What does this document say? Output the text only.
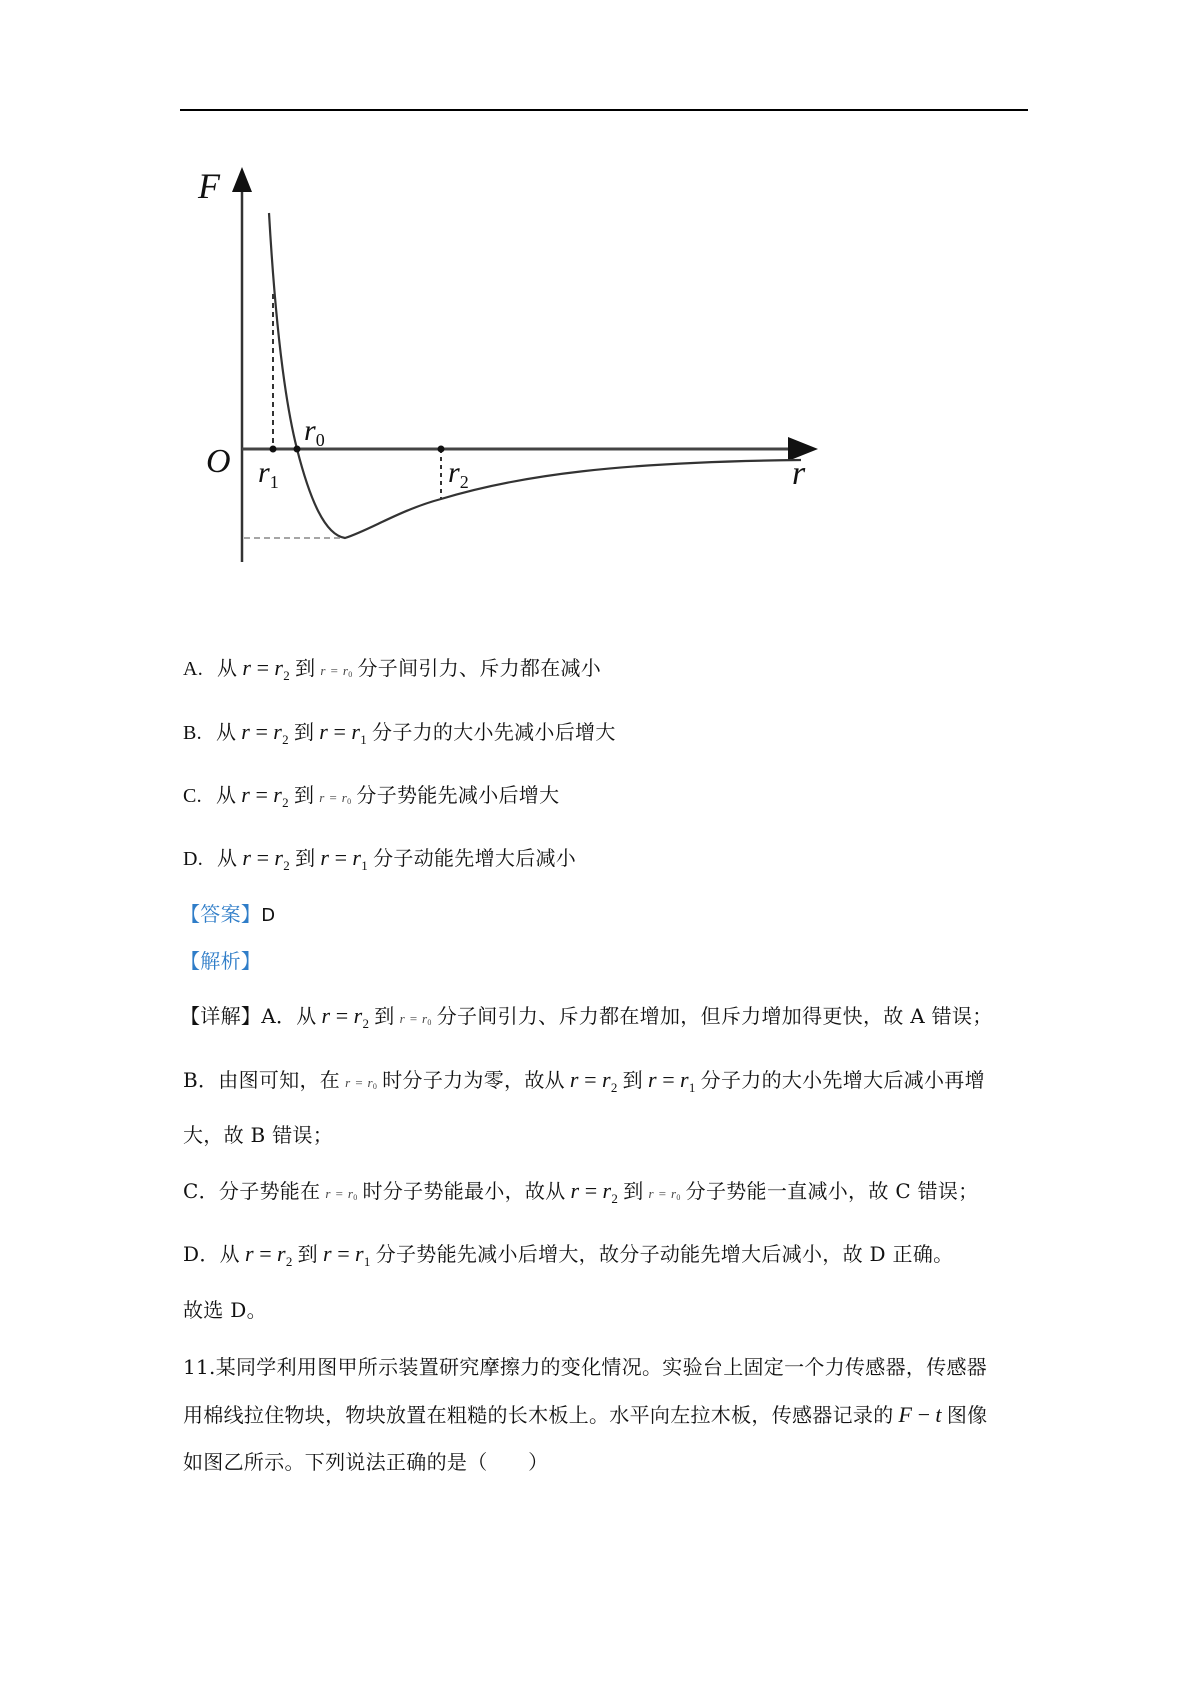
F
O	r
$r_1$
$r_0$
$r_2$
A. 从 $r = r_2$ 到 $r = r_0$ 分子间引力、斥力都在减小
B. 从 $r = r_2$ 到 $r = r_1$ 分子力的大小先减小后增大
C. 从 $r = r_2$ 到 $r = r_0$ 分子势能先减小后增大
D. 从 $r = r_2$ 到 $r = r_1$ 分子动能先增大后减小
【答案】D
【解析】
【详解】A．从 $r = r_2$ 到 $r = r_0$ 分子间引力、斥力都在增加，但斥力增加得更快，故 A 错误；
B．由图可知，在 $r = r_0$ 时分子力为零，故从 $r = r_2$ 到 $r = r_1$ 分子力的大小先增大后减小再增
大，故 B 错误；
C．分子势能在 $r = r_0$ 时分子势能最小，故从 $r = r_2$ 到 $r = r_0$ 分子势能一直减小，故 C 错误；
D．从 $r = r_2$ 到 $r = r_1$ 分子势能先减小后增大，故分子动能先增大后减小，故 D 正确。
故选 D。
11.某同学利用图甲所示装置研究摩擦力的变化情况。实验台上固定一个力传感器，传感器
用棉线拉住物块，物块放置在粗糙的长木板上。水平向左拉木板，传感器记录的 F − t 图像
如图乙所示。下列说法正确的是（　　）
